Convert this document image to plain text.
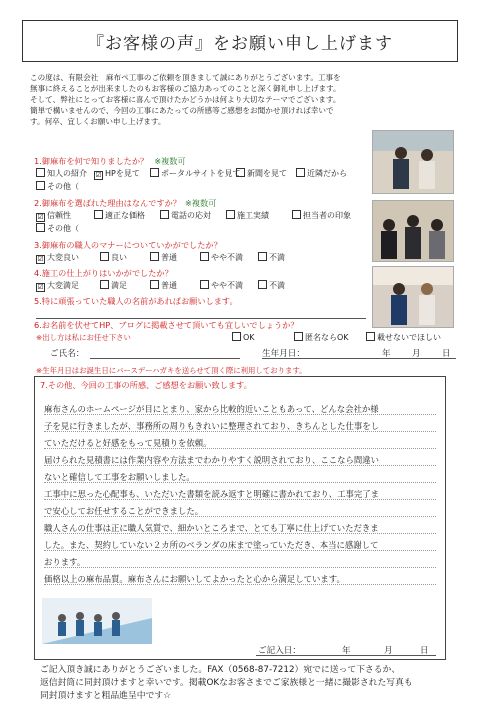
『お客様の声』をお願い申し上げます
この度は、有限会社　麻布ペ工事のご依頼を頂きまして誠にありがとうございます。工事を
無事に終えることが出来ましたのもお客様のご協力あってのことと深く御礼申し上げます。
そして、弊社にとってお客様に喜んで頂けたかどうかは何より大切なテーマでございます。
簡単で構いませんので、今回の工事にあたっての所感等ご感想をお聞かせ頂ければ幸いで
す。何卒、宜しくお願い申し上げます。
1.御麻布を何で知りましたか？ ※複数可
知人の紹介 ☑ HPを見て	ポータルサイトを見て 新聞を見て	近隣だから
その他（
2.御麻布を選ばれた理由はなんですか？ ※複数可
☑ 信頼性	適正な価格	電話の応対	施工実績	担当者の印象
その他（
3.御麻布の職人のマナーについていかがでしたか？
☑ 大変良い	良い	普通	やや不満	不満
4.施工の仕上がりはいかがでしたか？
☑ 大変満足	満足	普通	やや不満	不満
5.特に頑張っていた職人の名前があればお願いします。
6.お名前を伏せてHP、ブログに掲載させて頂いても宜しいでしょうか？
※出し方は私にお任せ下さい	OK	匿名ならOK	載せないでほしい
ご氏名：	生年月日：	年 月 日
※生年月日はお誕生日にバースデーハガキを送らせて頂く際に利用しております。
7.その他、今回の工事の所感、ご感想をお願い致します。
麻布さんのホームページが目にとまり、家から比較的近いこともあって、どんな会社か様
子を見に行きましたが、事務所の周りもきれいに整理されており、きちんとした仕事をし
ていただけると好感をもって見積りを依頼。
届けられた見積書には作業内容や方法までわかりやすく説明されており、ここなら間違い
ないと確信して工事をお願いしました。
工事中に思った心配事も、いただいた書類を読み返すと明確に書かれており、工事完了ま
で安心してお任せすることができました。
職人さんの仕事は正に職人気質で、細かいところまで、とても丁寧に仕上げていただきま
した。また、契約していない２カ所のベランダの床まで塗っていただき、本当に感謝して
おります。
価格以上の麻布品質。麻布さんにお願いしてよかったと心から満足しています。
ご記入日：	年	月	日
ご記入頂き誠にありがとうございました。FAX（0568-87-7212）宛でに送って下さるか、
返信封筒に同封頂けますと幸いです。掲載OKなお客さまでご家族様と一緒に撮影された写真も
同封頂けますと粗品進呈中です☆
